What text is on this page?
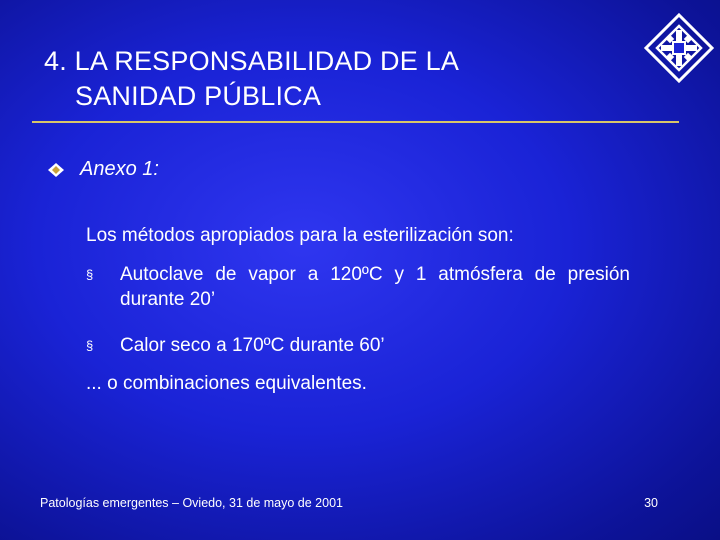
4. LA RESPONSABILIDAD DE LA
SANIDAD PÚBLICA
Anexo 1:
Los métodos apropiados para la esterilización son:
§	Autoclave de vapor a 120ºC y 1 atmósfera de presión durante 20’
§	Calor seco a 170ºC durante 60’
... o combinaciones equivalentes.
Patologías emergentes – Oviedo, 31 de mayo de 2001	30
